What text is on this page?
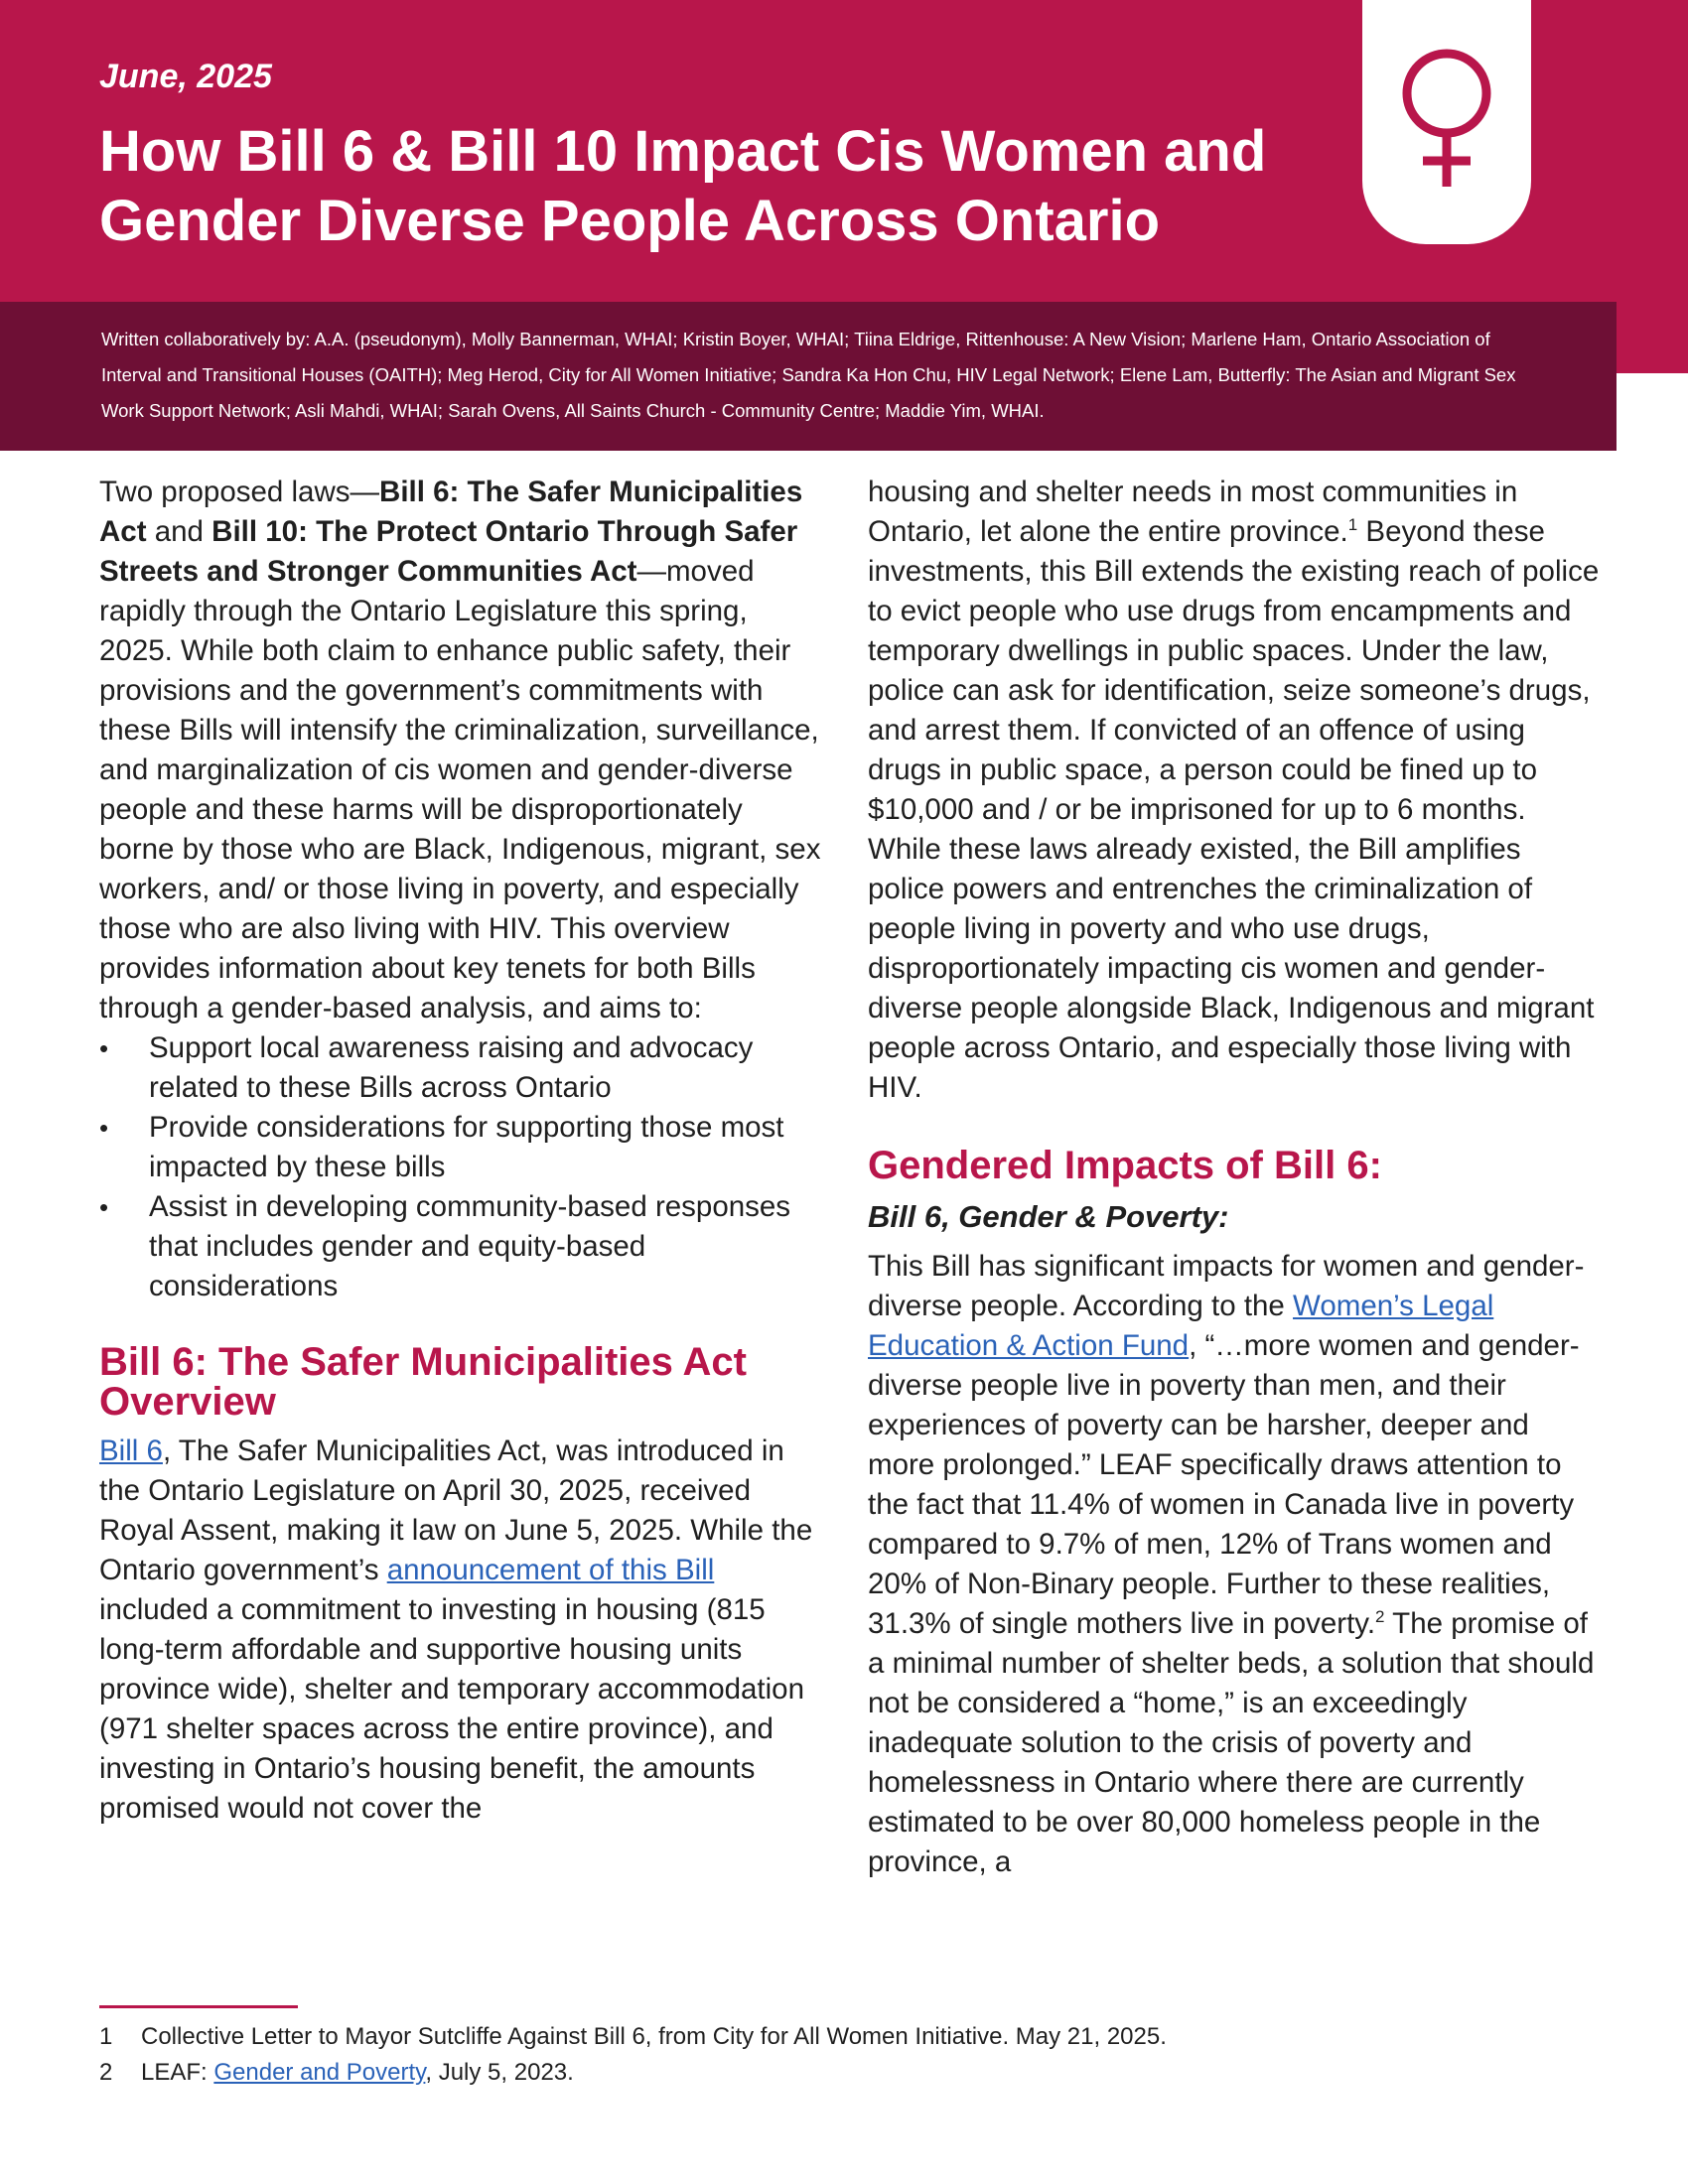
June, 2025
How Bill 6 & Bill 10 Impact Cis Women and Gender Diverse People Across Ontario

Written collaboratively by: A.A. (pseudonym), Molly Bannerman, WHAI; Kristin Boyer, WHAI; Tiina Eldrige, Rittenhouse: A New Vision; Marlene Ham, Ontario Association of Interval and Transitional Houses (OAITH); Meg Herod, City for All Women Initiative; Sandra Ka Hon Chu, HIV Legal Network; Elene Lam, Butterfly: The Asian and Migrant Sex Work Support Network; Asli Mahdi, WHAI; Sarah Ovens, All Saints Church - Community Centre; Maddie Yim, WHAI.

Two proposed laws—Bill 6: The Safer Municipalities Act and Bill 10: The Protect Ontario Through Safer Streets and Stronger Communities Act—moved rapidly through the Ontario Legislature this spring, 2025. While both claim to enhance public safety, their provisions and the government’s commitments with these Bills will intensify the criminalization, surveillance, and marginalization of cis women and gender-diverse people and these harms will be disproportionately borne by those who are Black, Indigenous, migrant, sex workers, and/ or those living in poverty, and especially those who are also living with HIV. This overview provides information about key tenets for both Bills through a gender-based analysis, and aims to:

• Support local awareness raising and advocacy related to these Bills across Ontario
• Provide considerations for supporting those most impacted by these bills
• Assist in developing community-based responses that includes gender and equity-based considerations
Bill 6: The Safer Municipalities Act Overview

Bill 6, The Safer Municipalities Act, was introduced in the Ontario Legislature on April 30, 2025, received Royal Assent, making it law on June 5, 2025. While the Ontario government’s announcement of this Bill included a commitment to investing in housing (815 long-term affordable and supportive housing units province wide), shelter and temporary accommodation (971 shelter spaces across the entire province), and investing in Ontario’s housing benefit, the amounts promised would not cover the

housing and shelter needs in most communities in Ontario, let alone the entire province.$^1$ Beyond these investments, this Bill extends the existing reach of police to evict people who use drugs from encampments and temporary dwellings in public spaces. Under the law, police can ask for identification, seize someone’s drugs, and arrest them. If convicted of an offence of using drugs in public space, a person could be fined up to $10,000 and / or be imprisoned for up to 6 months. While these laws already existed, the Bill amplifies police powers and entrenches the criminalization of people living in poverty and who use drugs, disproportionately impacting cis women and gender-diverse people alongside Black, Indigenous and migrant people across Ontario, and especially those living with HIV.

Gendered Impacts of Bill 6:
Bill 6, Gender & Poverty:

This Bill has significant impacts for women and gender-diverse people. According to the Women’s Legal Education & Action Fund, “…more women and gender-diverse people live in poverty than men, and their experiences of poverty can be harsher, deeper and more prolonged.” LEAF specifically draws attention to the fact that 11.4% of women in Canada live in poverty compared to 9.7% of men, 12% of Trans women and 20% of Non-Binary people. Further to these realities, 31.3% of single mothers live in poverty.$^2$ The promise of a minimal number of shelter beds, a solution that should not be considered a “home,” is an exceedingly inadequate solution to the crisis of poverty and homelessness in Ontario where there are currently estimated to be over 80,000 homeless people in the province, a

1	Collective Letter to Mayor Sutcliffe Against Bill 6, from City for All Women Initiative. May 21, 2025.
2	LEAF: Gender and Poverty, July 5, 2023.
